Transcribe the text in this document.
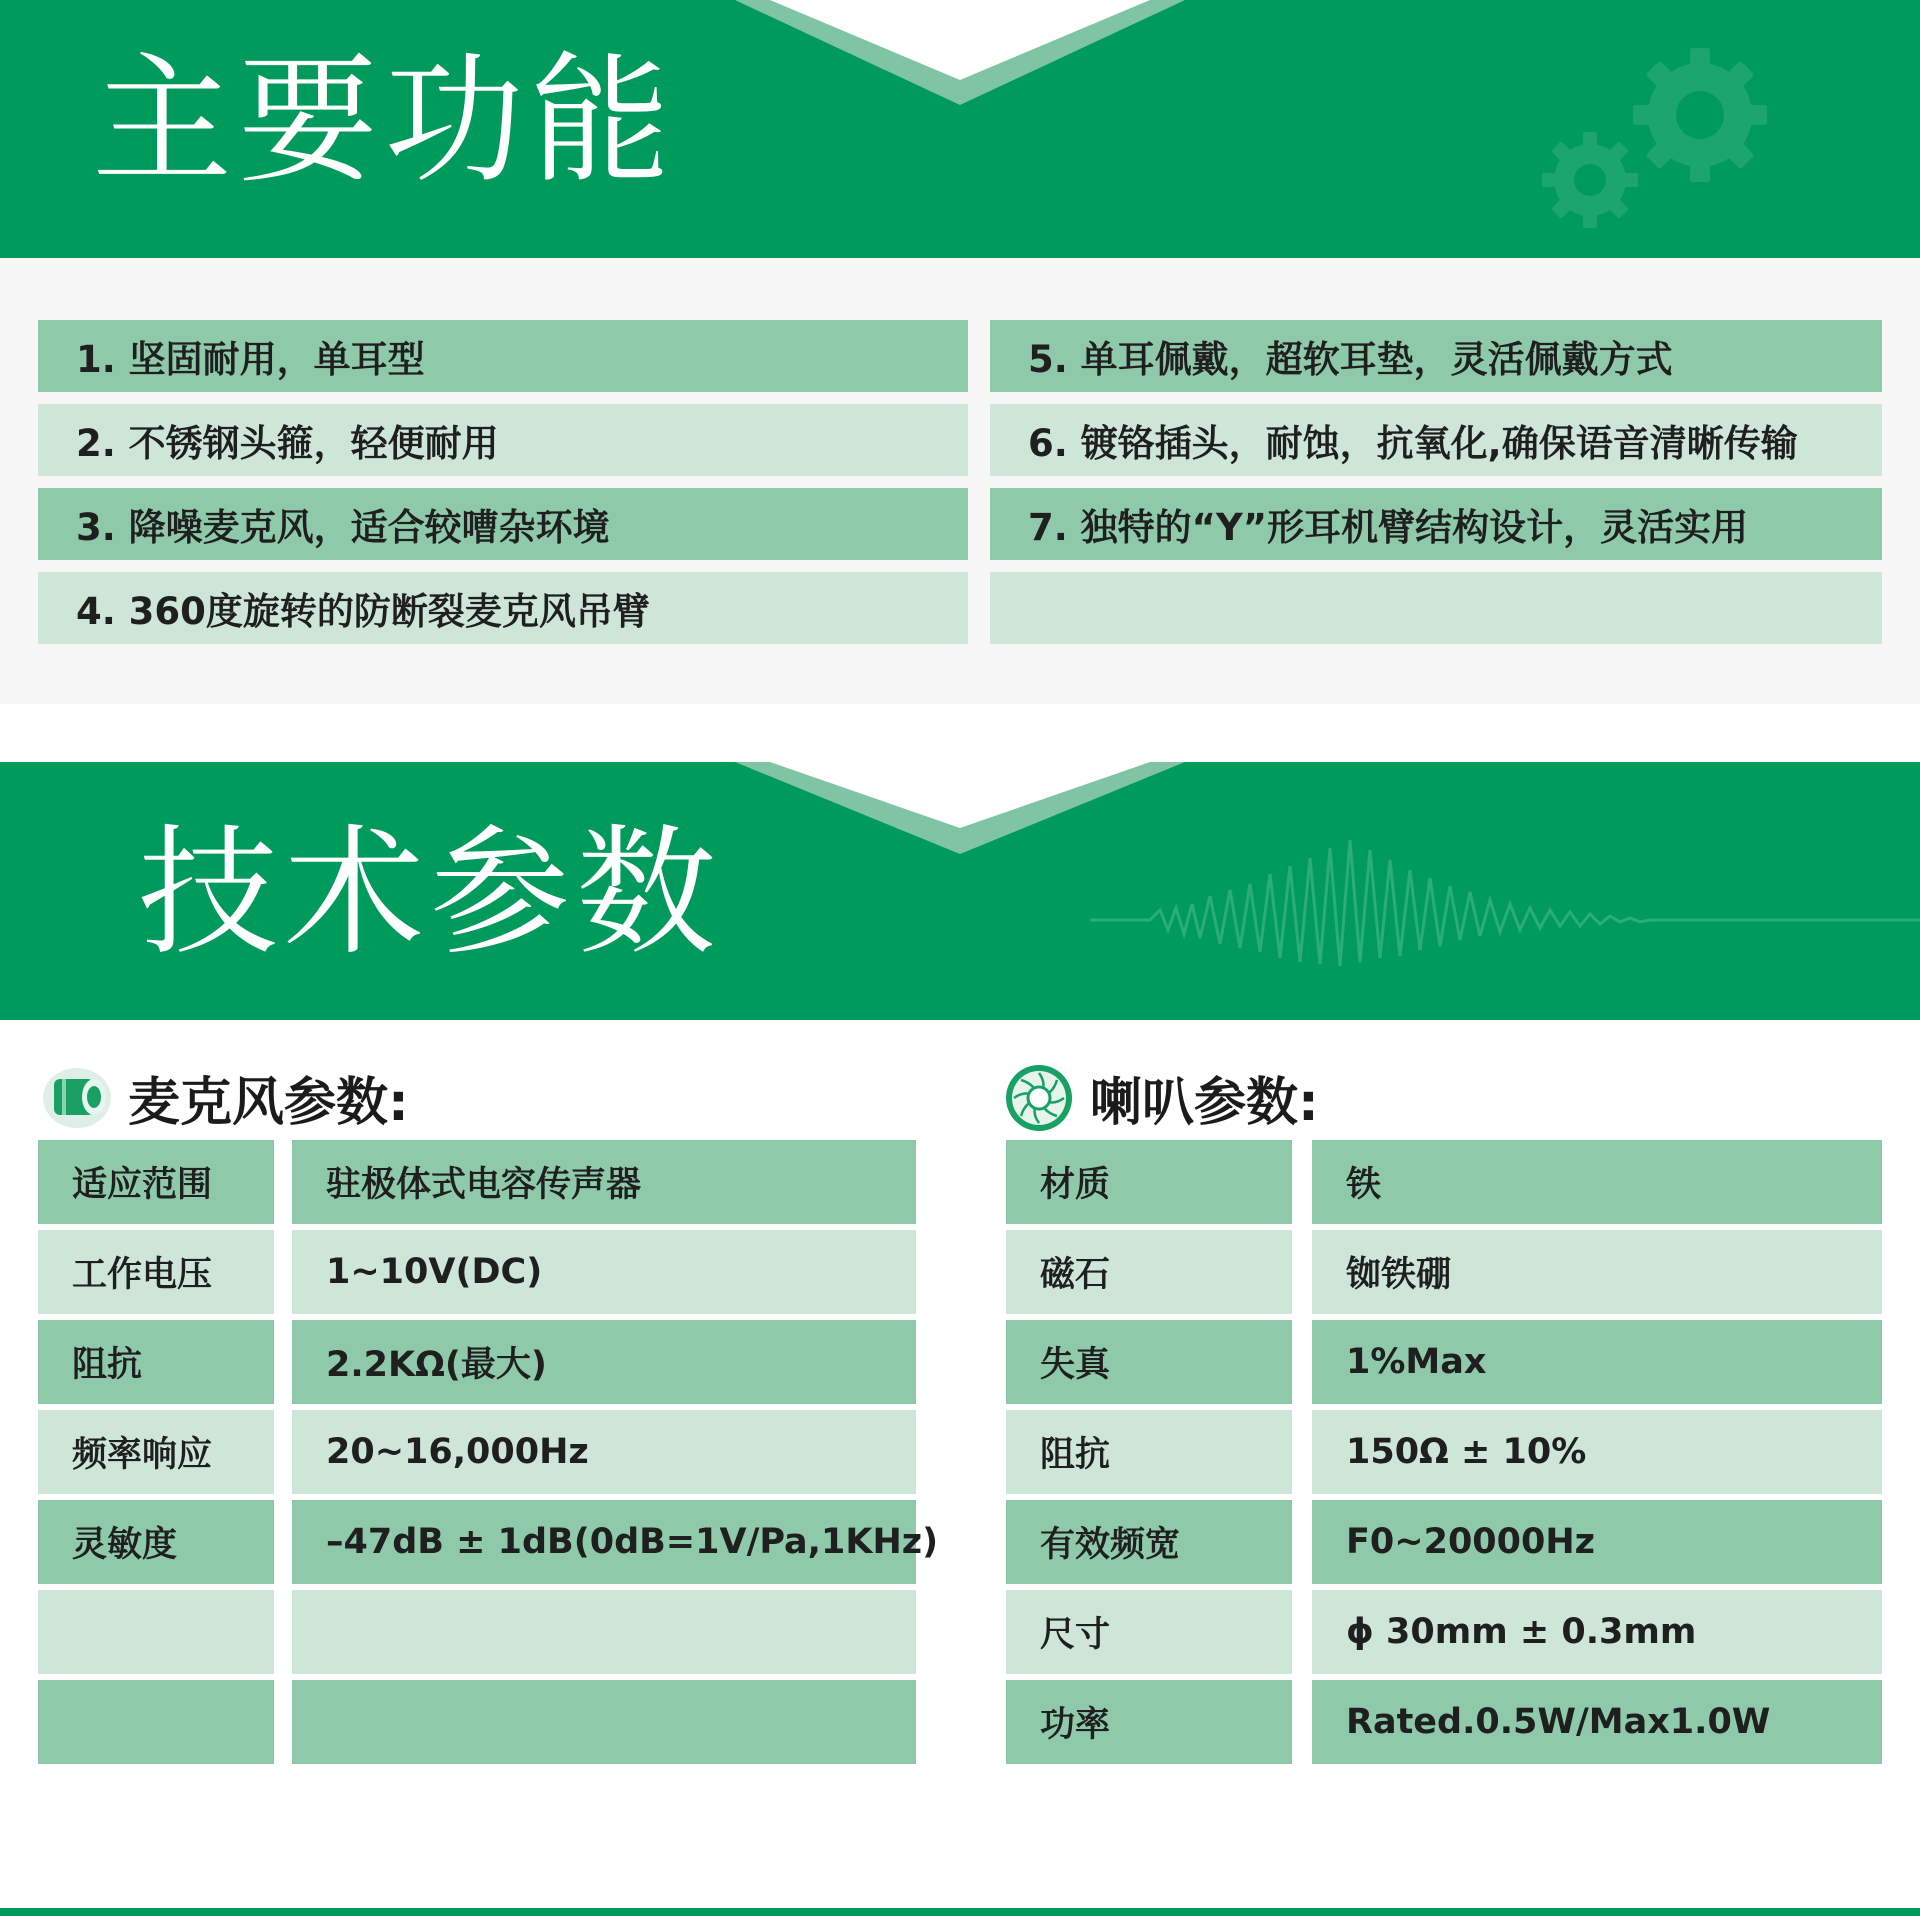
主要功能
1. 坚固耐用，单耳型
2. 不锈钢头箍，轻便耐用
3. 降噪麦克风，适合较嘈杂环境
4. 360度旋转的防断裂麦克风吊臂
5. 单耳佩戴，超软耳垫，灵活佩戴方式
6. 镀铬插头，耐蚀，抗氧化,确保语音清晰传输
7. 独特的“Y”形耳机臂结构设计，灵活实用
技术参数
麦克风参数:
适应范围	驻极体式电容传声器
工作电压	1~10V(DC)
阻抗	2.2KΩ(最大)
频率响应	20~16,000Hz
灵敏度	–47dB ± 1dB(0dB=1V/Pa,1KHz)
喇叭参数:
材质	铁
磁石	铷铁硼
失真	1%Max
阻抗	150Ω ± 10%
有效频宽	F0~20000Hz
尺寸	ϕ 30mm ± 0.3mm
功率	Rated.0.5W/Max1.0W
